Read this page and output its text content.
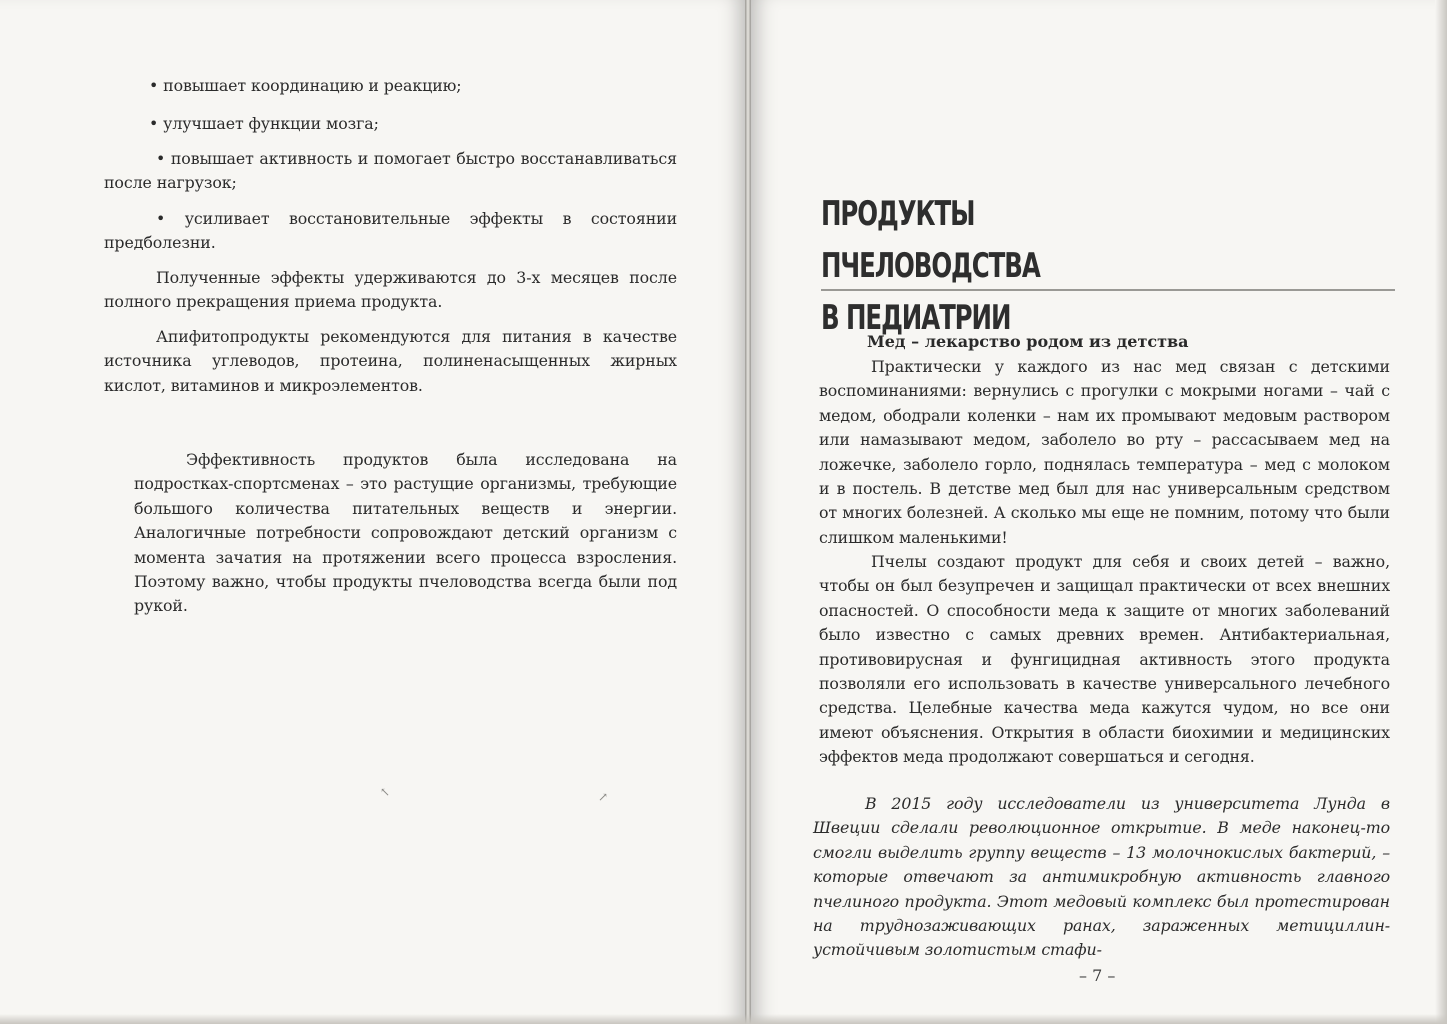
• повышает координацию и реакцию;
• улучшает функции мозга;
• повышает активность и помогает быстро восстанавливаться после нагрузок;
• усиливает восстановительные эффекты в состоянии предболезни.
Полученные эффекты удерживаются до 3-х месяцев после полного прекращения приема продукта.
Апифитопродукты рекомендуются для питания в качестве источника углеводов, протеина, полиненасыщенных жирных кислот, витаминов и микроэлементов.
Эффективность продуктов была исследована на подростках-спортсменах – это растущие организмы, требующие большого количества питательных веществ и энергии. Аналогичные потребности сопровождают детский организм с момента зачатия на протяжении всего процесса взросления. Поэтому важно, чтобы продукты пчеловодства всегда были под рукой.
↖	↗
ПРОДУКТЫ ПЧЕЛОВОДСТВА
В ПЕДИАТРИИ
Мед – лекарство родом из детства
Практически у каждого из нас мед связан с детскими воспоминаниями: вернулись с прогулки с мокрыми ногами – чай с медом, ободрали коленки – нам их промывают медовым раствором или намазывают медом, заболело во рту – рассасываем мед на ложечке, заболело горло, поднялась температура – мед с молоком и в постель. В детстве мед был для нас универсальным средством от многих болезней. А сколько мы еще не помним, потому что были слишком маленькими!
Пчелы создают продукт для себя и своих детей – важно, чтобы он был безупречен и защищал практически от всех внешних опасностей. О способности меда к защите от многих заболеваний было известно с самых древних времен. Антибактериальная, противовирусная и фунгицидная активность этого продукта позволяли его использовать в качестве универсального лечебного средства. Целебные качества меда кажутся чудом, но все они имеют объяснения. Открытия в области биохимии и медицинских эффектов меда продолжают совершаться и сегодня.
В 2015 году исследователи из университета Лунда в Швеции сделали революционное открытие. В меде наконец-то смогли выделить группу веществ – 13 молочнокислых бактерий, – которые отвечают за антимикробную активность главного пчелиного продукта. Этот медовый комплекс был протестирован на труднозаживающих ранах, зараженных метициллин-устойчивым золотистым стафи-
– 7 –
